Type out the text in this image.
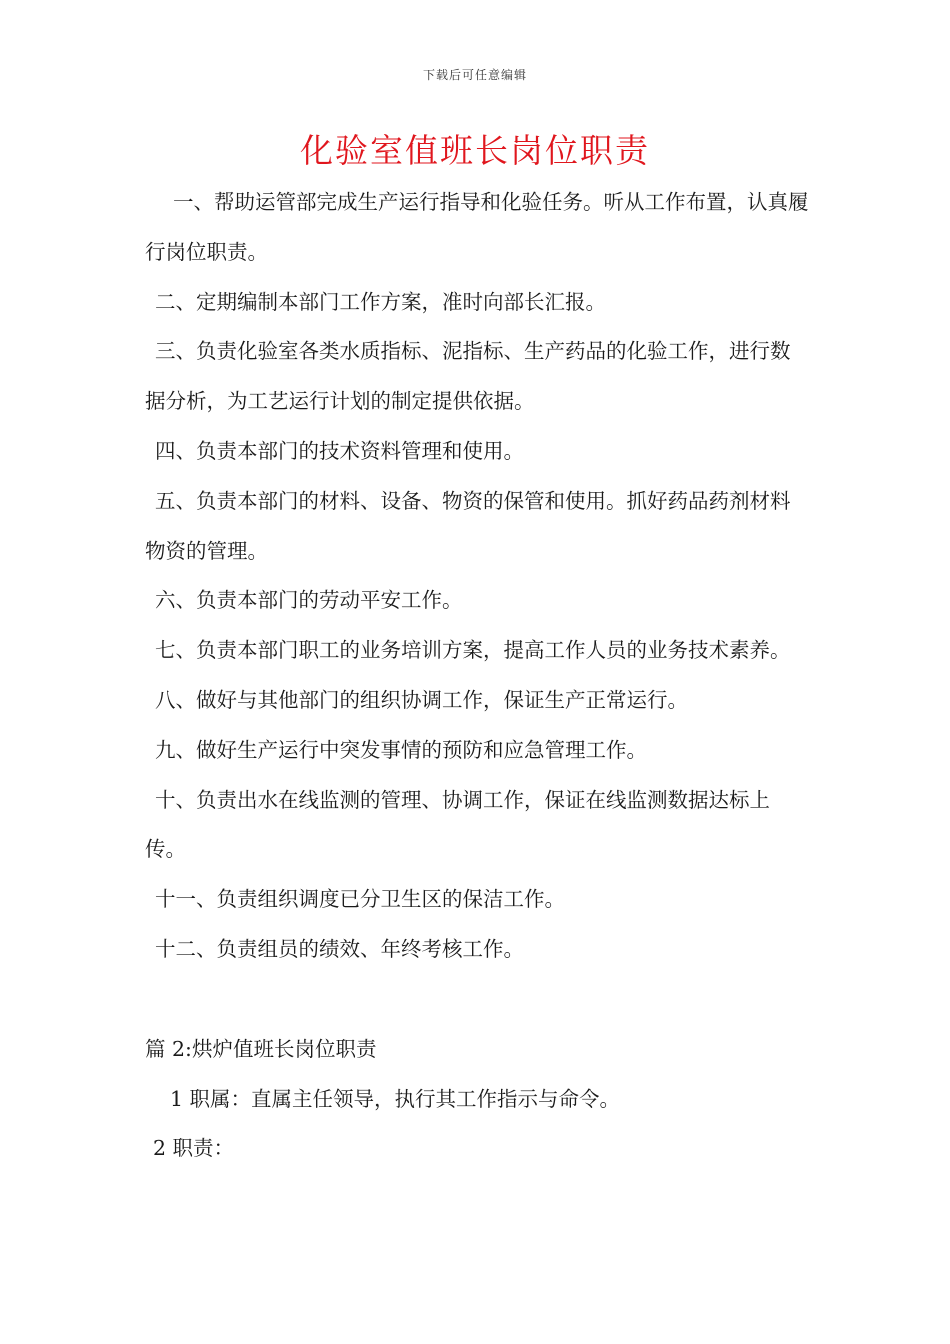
下载后可任意编辑
化验室值班长岗位职责

一、帮助运管部完成生产运行指导和化验任务。听从工作布置，认真履行岗位职责。

二、定期编制本部门工作方案，准时向部长汇报。

三、负责化验室各类水质指标、泥指标、生产药品的化验工作，进行数据分析，为工艺运行计划的制定提供依据。

四、负责本部门的技术资料管理和使用。

五、负责本部门的材料、设备、物资的保管和使用。抓好药品药剂材料物资的管理。

六、负责本部门的劳动平安工作。

七、负责本部门职工的业务培训方案，提高工作人员的业务技术素养。

八、做好与其他部门的组织协调工作，保证生产正常运行。

九、做好生产运行中突发事情的预防和应急管理工作。

十、负责出水在线监测的管理、协调工作，保证在线监测数据达标上传。

十一、负责组织调度已分卫生区的保洁工作。

十二、负责组员的绩效、年终考核工作。

篇 2:烘炉值班长岗位职责

1 职属：直属主任领导，执行其工作指示与命令。

2 职责：
